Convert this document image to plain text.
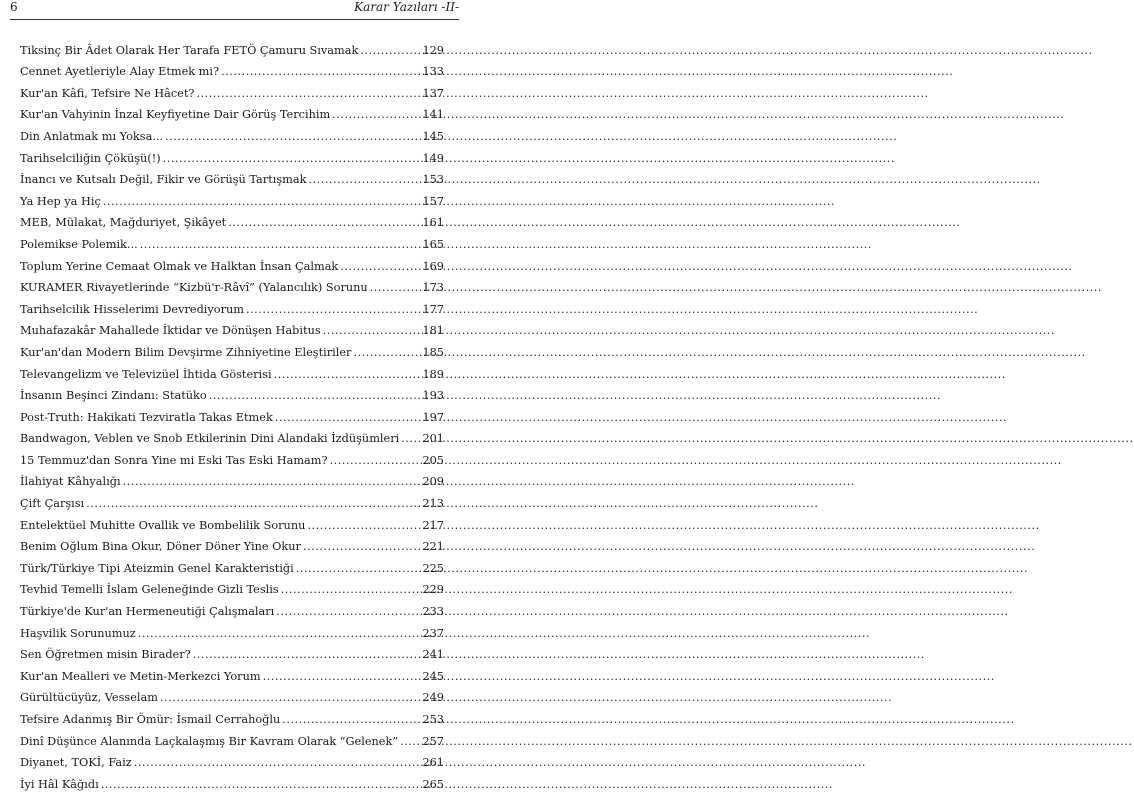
6	Karar Yazıları -II-
Tiksinç Bir Âdet Olarak Her Tarafa FETÖ Çamuru Sıvamak .....	129
Cennet Ayetleriyle Alay Etmek mi? .....	133
Kur'an Kâfi, Tefsire Ne Hâcet? .....	137
Kur'an Vahyinin İnzal Keyfiyetine Dair Görüş Tercihim .....	141
Din Anlatmak mı Yoksa... .....	145
Tarihselciliğin Çöküşü(!) .....	149
İnancı ve Kutsalı Değil, Fikir ve Görüşü Tartışmak .....	153
Ya Hep ya Hiç .....	157
MEB, Mülakat, Mağduriyet, Şikâyet .....	161
Polemikse Polemik... .....	165
Toplum Yerine Cemaat Olmak ve Halktan İnsan Çalmak .....	169
KURAMER Rivayetlerinde “Kizbü'r-Râvî” (Yalancılık) Sorunu .....	173
Tarihselcilik Hisselerimi Devrediyorum .....	177
Muhafazakâr Mahallede İktidar ve Dönüşen Habitus .....	181
Kur'an'dan Modern Bilim Devşirme Zihniyetine Eleştiriler .....	185
Televangelizm ve Televizüel İhtida Gösterisi .....	189
İnsanın Beşinci Zindanı: Statüko .....	193
Post-Truth: Hakikati Tezviratla Takas Etmek .....	197
Bandwagon, Veblen ve Snob Etkilerinin Dini Alandaki İzdüşümleri ..... 201
15 Temmuz'dan Sonra Yine mi Eski Tas Eski Hamam? .....	205
İlahiyat Kâhyalığı .....	209
Çift Çarşısı .....	213
Entelektüel Muhitte Ovallik ve Bombelilik Sorunu .....	217
Benim Oğlum Bina Okur, Döner Döner Yine Okur .....	221
Türk/Türkiye Tipi Ateizmin Genel Karakteristiği .....	225
Tevhid Temelli İslam Geleneğinde Gizli Teslis .....	229
Türkiye'de Kur'an Hermeneutiği Çalışmaları .....	233
Haşvilik Sorunumuz .....	237
Sen Öğretmen misin Birader? .....	241
Kur'an Mealleri ve Metin-Merkezci Yorum .....	245
Gürültücüyüz, Vesselam .....	249
Tefsire Adanmış Bir Ömür: İsmail Cerrahoğlu .....	253
Dinî Düşünce Alanında Laçkalaşmış Bir Kavram Olarak “Gelenek” ..... 257
Diyanet, TOKİ, Faiz .....	261
İyi Hâl Kâğıdı .....	265
